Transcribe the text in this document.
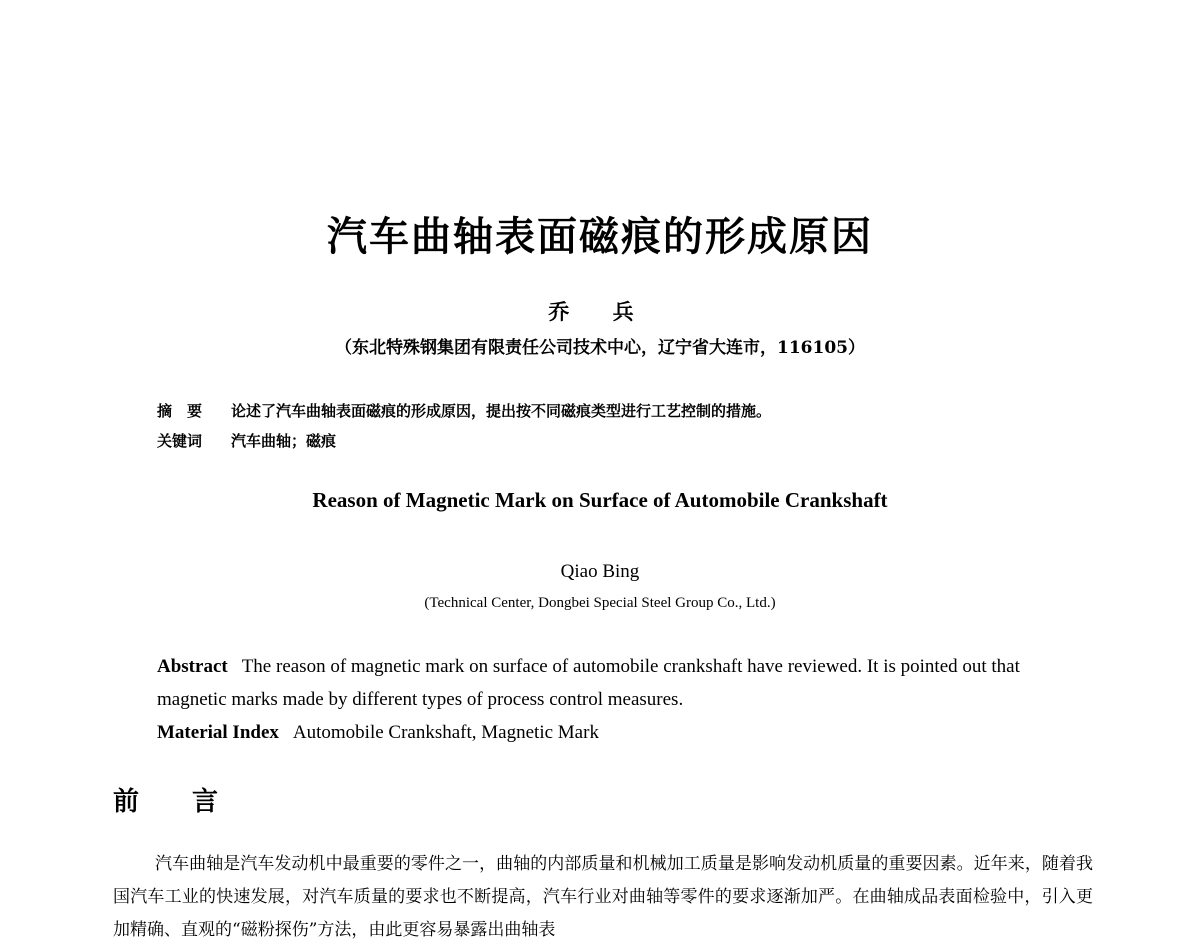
汽车曲轴表面磁痕的形成原因
乔 兵
（东北特殊钢集团有限责任公司技术中心，辽宁省大连市，116105）
摘　要 论述了汽车曲轴表面磁痕的形成原因，提出按不同磁痕类型进行工艺控制的措施。
关键词 汽车曲轴；磁痕
Reason of Magnetic Mark on Surface of Automobile Crankshaft
Qiao Bing
(Technical Center, Dongbei Special Steel Group Co., Ltd.)
Abstract The reason of magnetic mark on surface of automobile crankshaft have reviewed. It is pointed out that magnetic marks made by different types of process control measures.
Material Index Automobile Crankshaft, Magnetic Mark
前 言
汽车曲轴是汽车发动机中最重要的零件之一，曲轴的内部质量和机械加工质量是影响发动机质量的重要因素。近年来，随着我国汽车工业的快速发展，对汽车质量的要求也不断提高，汽车行业对曲轴等零件的要求逐渐加严。在曲轴成品表面检验中，引入更加精确、直观的“磁粉探伤”方法，由此更容易暴露出曲轴表
